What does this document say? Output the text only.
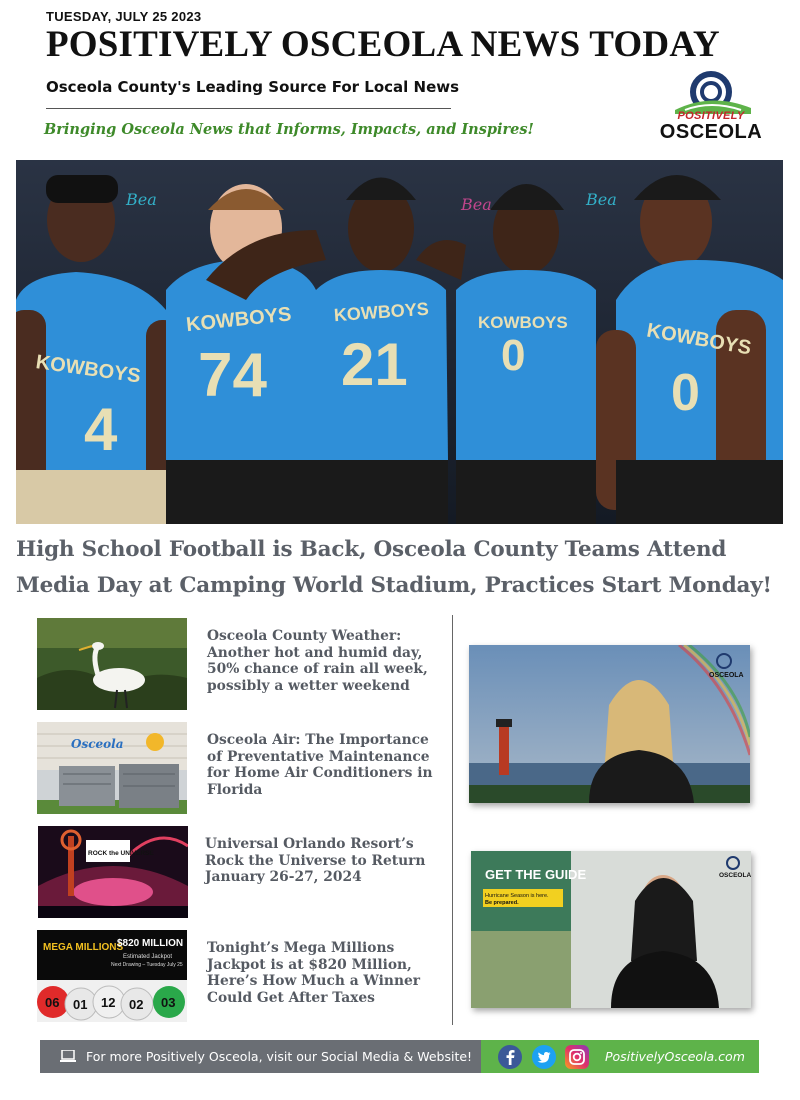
TUESDAY, JULY 25 2023
POSITIVELY OSCEOLA NEWS TODAY
Osceola County's Leading Source For Local News
Bringing Osceola News that Informs, Impacts, and Inspires!
POSITIVELY
OSCEOLA
Bea	Bea	Bea
KOWBOYS
4
KOWBOYS
74
KOWBOYS
21
KOWBOYS
0	KOWBOYS
0
High School Football is Back, Osceola County Teams Attend Media Day at Camping World Stadium, Practices Start Monday!
Osceola County Weather: Another hot and humid day, 50% chance of rain all week, possibly a wetter weekend
Osceola	Osceola Air: The Importance of Preventative Maintenance for Home Air Conditioners in Florida
ROCK the UNIVERSE
Universal Orlando Resort’s Rock the Universe to Return January 26-27, 2024
MEGA MILLIONS
$820 MILLION
Estimated Jackpot
Next Drawing – Tuesday July 25
06 01 12 02 03
Tonight’s Mega Millions Jackpot is at $820 Million, Here’s How Much a Winner Could Get After Taxes
OSCEOLA
GET THE GUIDE
Hurricane Season is here.
Be prepared.
OSCEOLA
For more Positively Osceola, visit our Social Media & Website!	PositivelyOsceola.com
